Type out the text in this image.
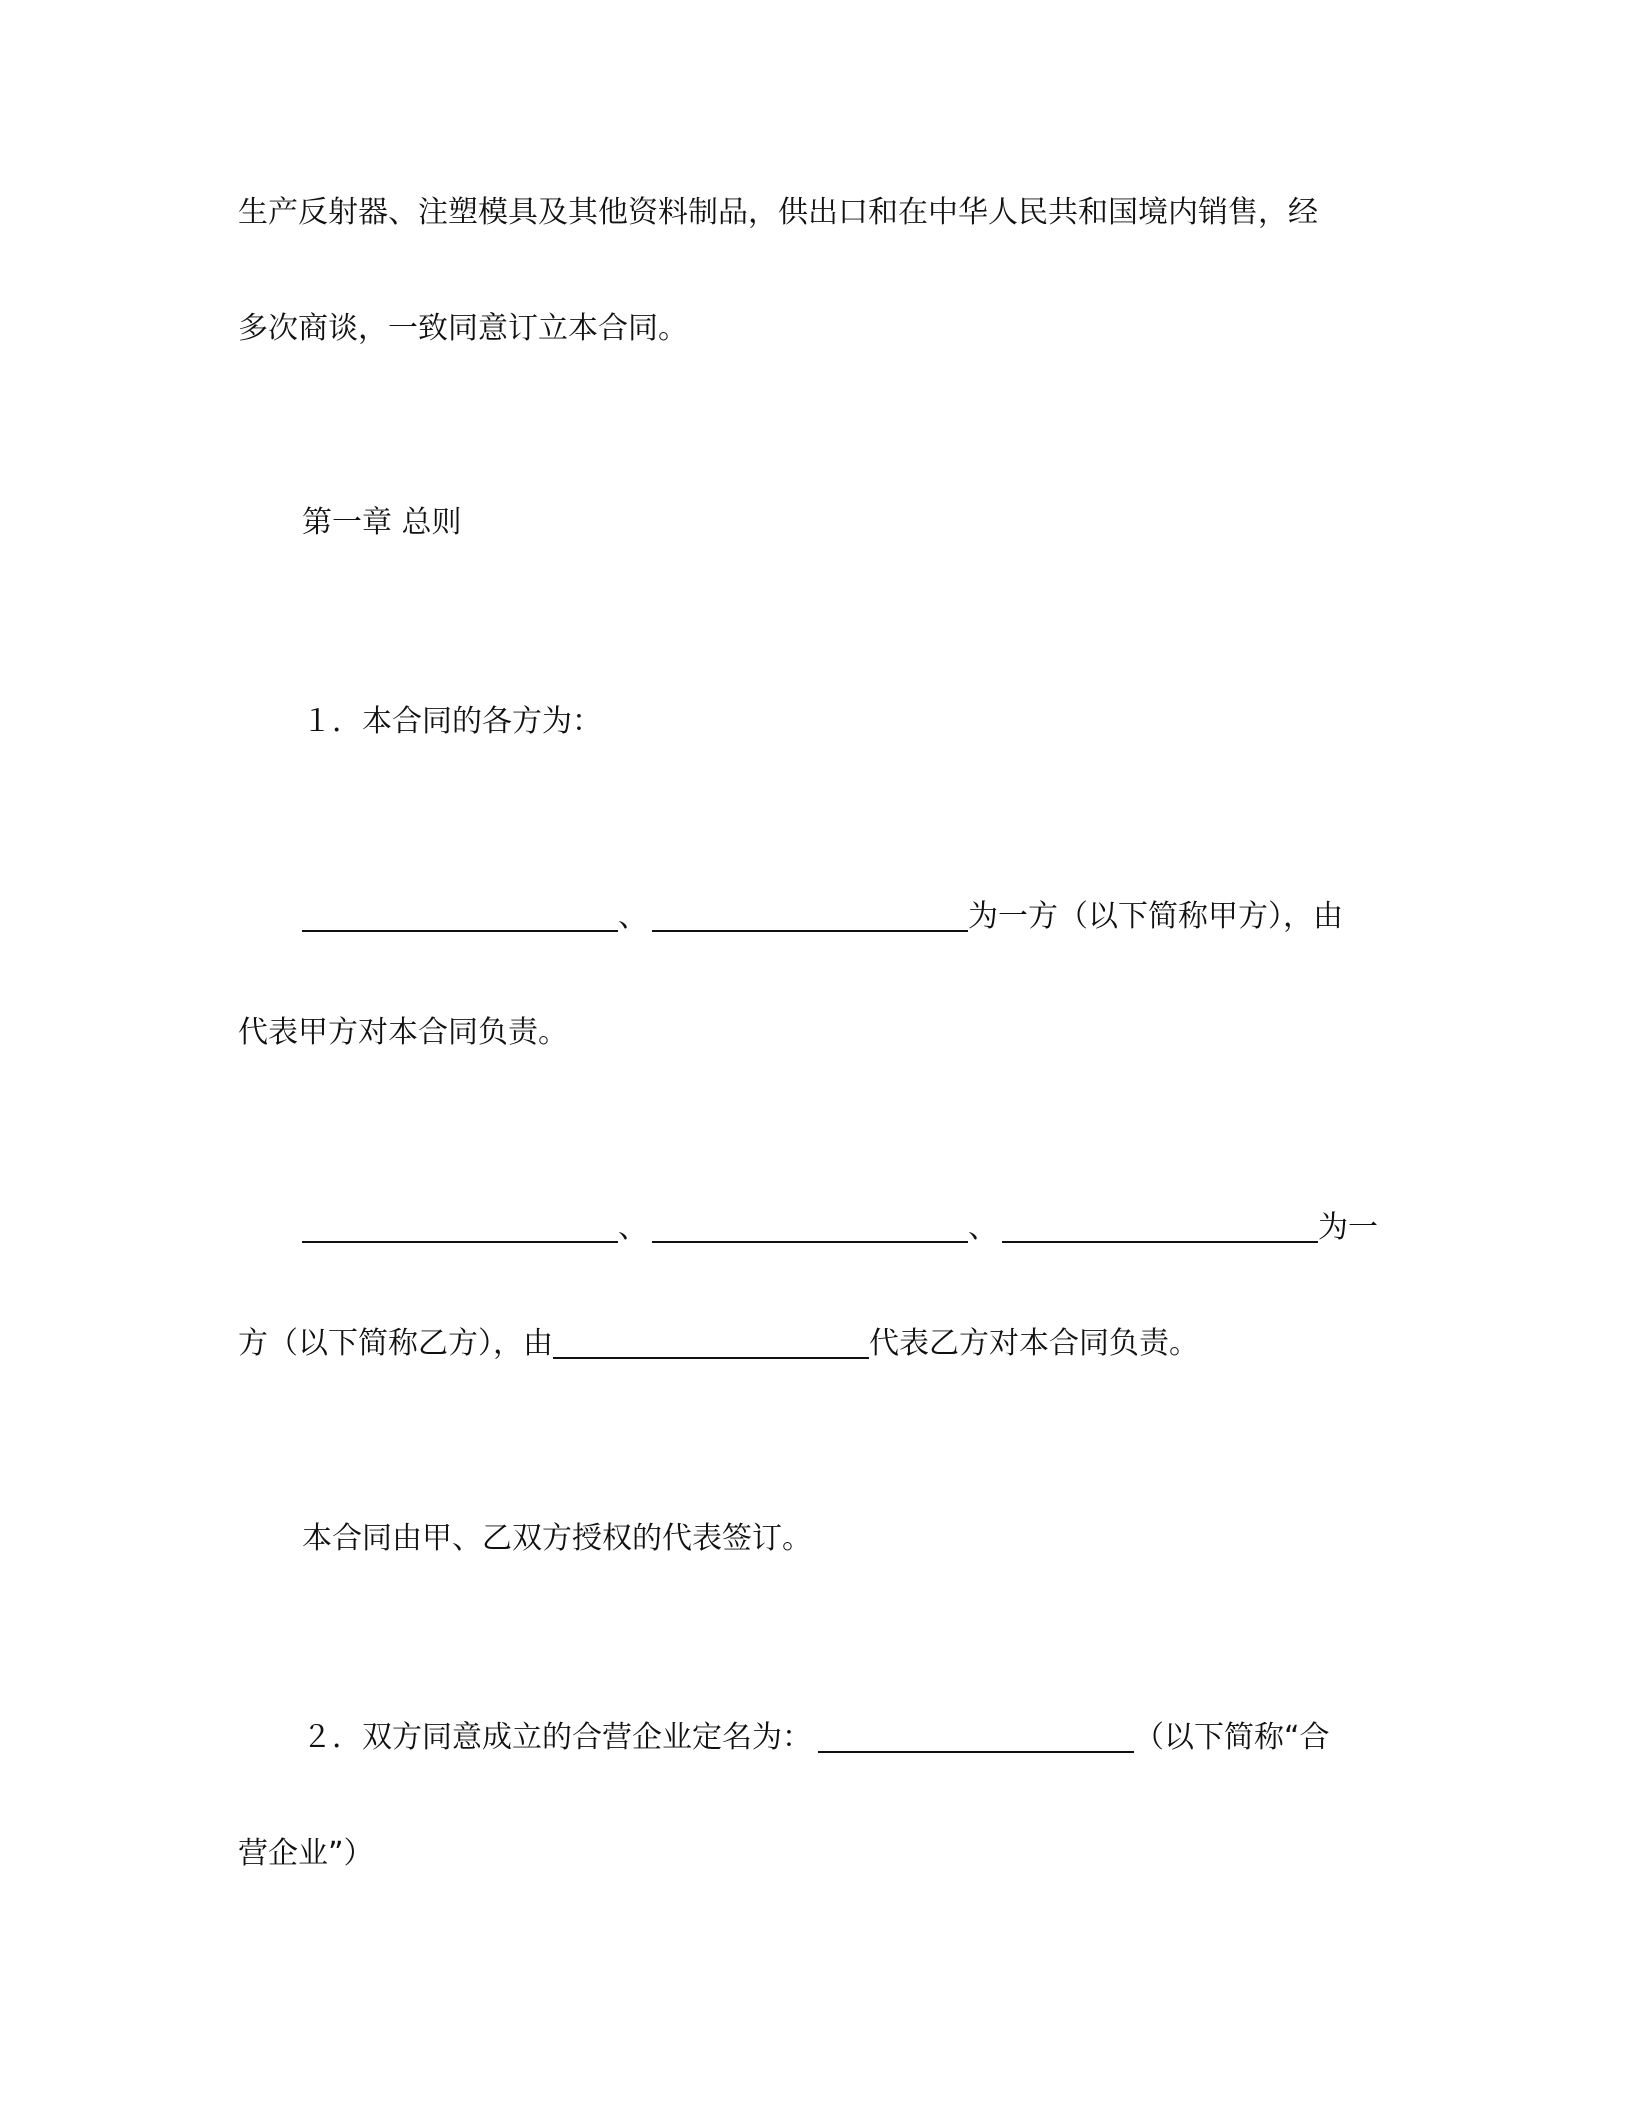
生产反射器、注塑模具及其他资料制品，供出口和在中华人民共和国境内销售，经
多次商谈，一致同意订立本合同。
第一章 总则
１．本合同的各方为：
、	为一方（以下简称甲方），由
代表甲方对本合同负责。
、	、	为一
方（以下简称乙方），由	代表乙方对本合同负责。
本合同由甲、乙双方授权的代表签订。
２．双方同意成立的合营企业定名为：	（以下简称“合
营企业”）
